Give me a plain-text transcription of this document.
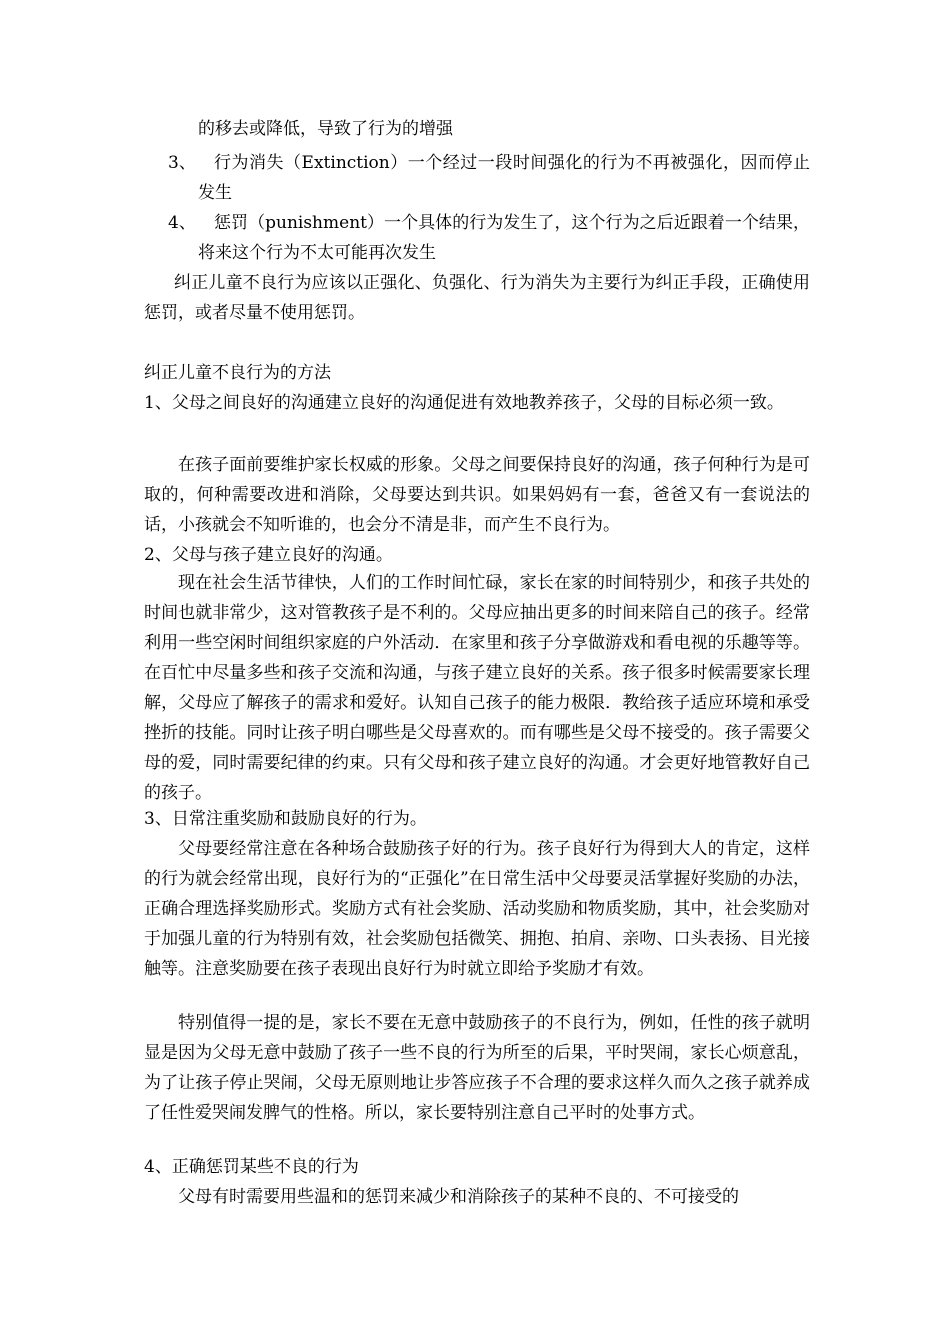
的移去或降低，导致了行为的增强
3、	行为消失（Extinction）一个经过一段时间强化的行为不再被强化，因而停止发生
4、	惩罚（punishment）一个具体的行为发生了，这个行为之后近跟着一个结果，将来这个行为不太可能再次发生
纠正儿童不良行为应该以正强化、负强化、行为消失为主要行为纠正手段，正确使用惩罚，或者尽量不使用惩罚。
纠正儿童不良行为的方法
1、父母之间良好的沟通建立良好的沟通促进有效地教养孩子，父母的目标必须一致。
在孩子面前要维护家长权威的形象。父母之间要保持良好的沟通，孩子何种行为是可取的，何种需要改进和消除，父母要达到共识。如果妈妈有一套，爸爸又有一套说法的话，小孩就会不知听谁的，也会分不清是非，而产生不良行为。
2、父母与孩子建立良好的沟通。
现在社会生活节律快，人们的工作时间忙碌，家长在家的时间特别少，和孩子共处的时间也就非常少，这对管教孩子是不利的。父母应抽出更多的时间来陪自己的孩子。经常利用一些空闲时间组织家庭的户外活动．在家里和孩子分享做游戏和看电视的乐趣等等。在百忙中尽量多些和孩子交流和沟通，与孩子建立良好的关系。孩子很多时候需要家长理解，父母应了解孩子的需求和爱好。认知自己孩子的能力极限．教给孩子适应环境和承受挫折的技能。同时让孩子明白哪些是父母喜欢的。而有哪些是父母不接受的。孩子需要父母的爱，同时需要纪律的约束。只有父母和孩子建立良好的沟通。才会更好地管教好自己的孩子。
3、日常注重奖励和鼓励良好的行为。
父母要经常注意在各种场合鼓励孩子好的行为。孩子良好行为得到大人的肯定，这样的行为就会经常出现，良好行为的“正强化”在日常生活中父母要灵活掌握好奖励的办法，正确合理选择奖励形式。奖励方式有社会奖励、活动奖励和物质奖励，其中，社会奖励对于加强儿童的行为特别有效，社会奖励包括微笑、拥抱、拍肩、亲吻、口头表扬、目光接触等。注意奖励要在孩子表现出良好行为时就立即给予奖励才有效。
特别值得一提的是，家长不要在无意中鼓励孩子的不良行为，例如，任性的孩子就明显是因为父母无意中鼓励了孩子一些不良的行为所至的后果，平时哭闹，家长心烦意乱，为了让孩子停止哭闹，父母无原则地让步答应孩子不合理的要求这样久而久之孩子就养成了任性爱哭闹发脾气的性格。所以，家长要特别注意自己平时的处事方式。
4、正确惩罚某些不良的行为
父母有时需要用些温和的惩罚来减少和消除孩子的某种不良的、不可接受的
